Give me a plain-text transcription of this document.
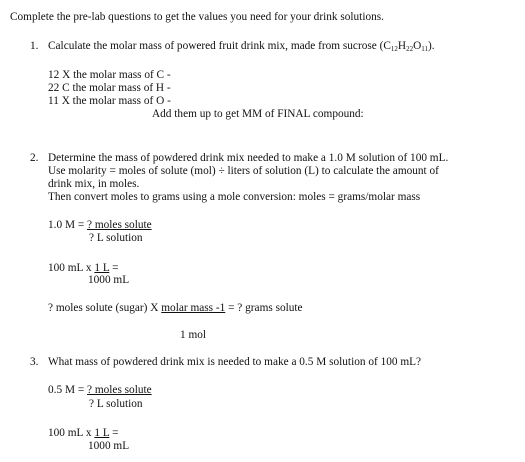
Complete the pre-lab questions to get the values you need for your drink solutions.
1. Calculate the molar mass of powered fruit drink mix, made from sucrose $(C_{12}H_{22}O_{11})$.
12 X the molar mass of C -
22 C the molar mass of H -
11 X the molar mass of O -
Add them up to get MM of FINAL compound:
2. Determine the mass of powdered drink mix needed to make a 1.0 M solution of 100 mL.
Use molarity = moles of solute (mol) ÷ liters of solution (L) to calculate the amount of
drink mix, in moles.
Then convert moles to grams using a mole conversion: moles = grams/molar mass
1.0 M = ? moles solute
? L solution
100 mL x 1 L =
1000 mL
? moles solute (sugar) X molar mass -1 = ? grams solute
1 mol
3. What mass of powdered drink mix is needed to make a 0.5 M solution of 100 mL?
0.5 M = ? moles solute
? L solution
100 mL x 1 L =
1000 mL
